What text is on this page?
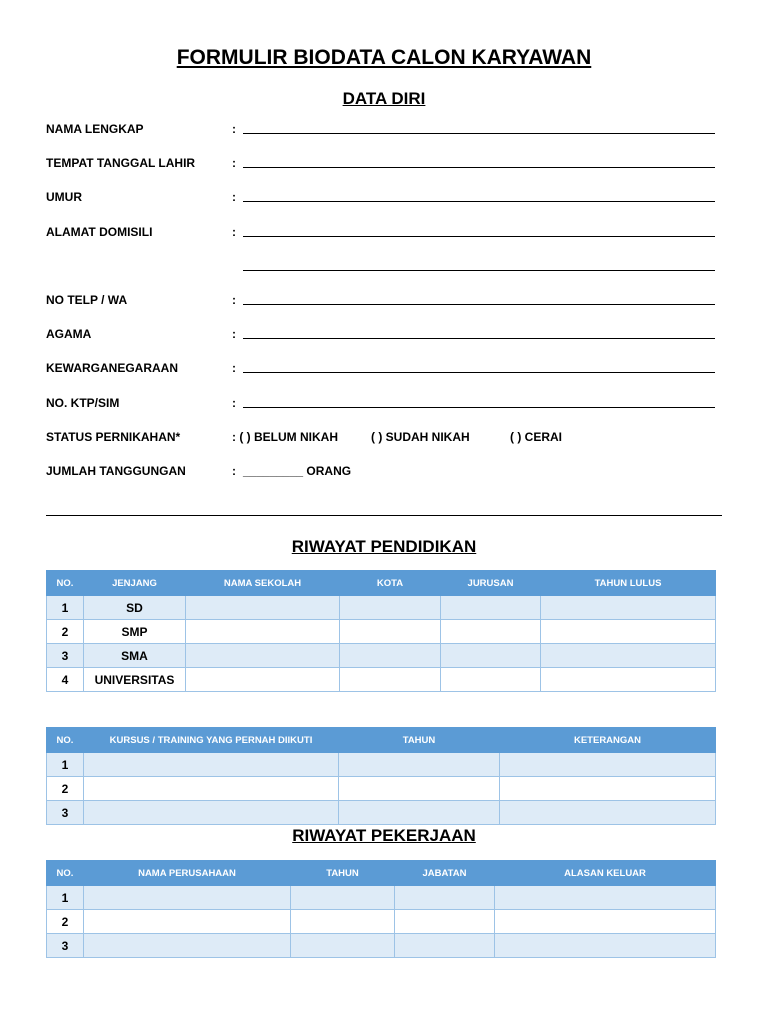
FORMULIR BIODATA CALON KARYAWAN
DATA DIRI
NAMA LENGKAP	:
TEMPAT TANGGAL LAHIR	:
UMUR	:
ALAMAT DOMISILI	:
NO TELP / WA	:
AGAMA	:
KEWARGANEGARAAN	:
NO. KTP/SIM	:
STATUS PERNIKAHAN*	: ( ) BELUM NIKAH	( ) SUDAH NIKAH	( ) CERAI
JUMLAH TANGGUNGAN	: _________ ORANG
RIWAYAT PENDIDIKAN
NO.	JENJANG	NAMA SEKOLAH	KOTA	JURUSAN	TAHUN LULUS
1	SD				
2	SMP				
3	SMA				
4	UNIVERSITAS				
NO.	KURSUS / TRAINING YANG PERNAH DIIKUTI	TAHUN	KETERANGAN
1			
2			
3			
RIWAYAT PEKERJAAN
NO.	NAMA PERUSAHAAN	TAHUN	JABATAN	ALASAN KELUAR
1				
2				
3				
